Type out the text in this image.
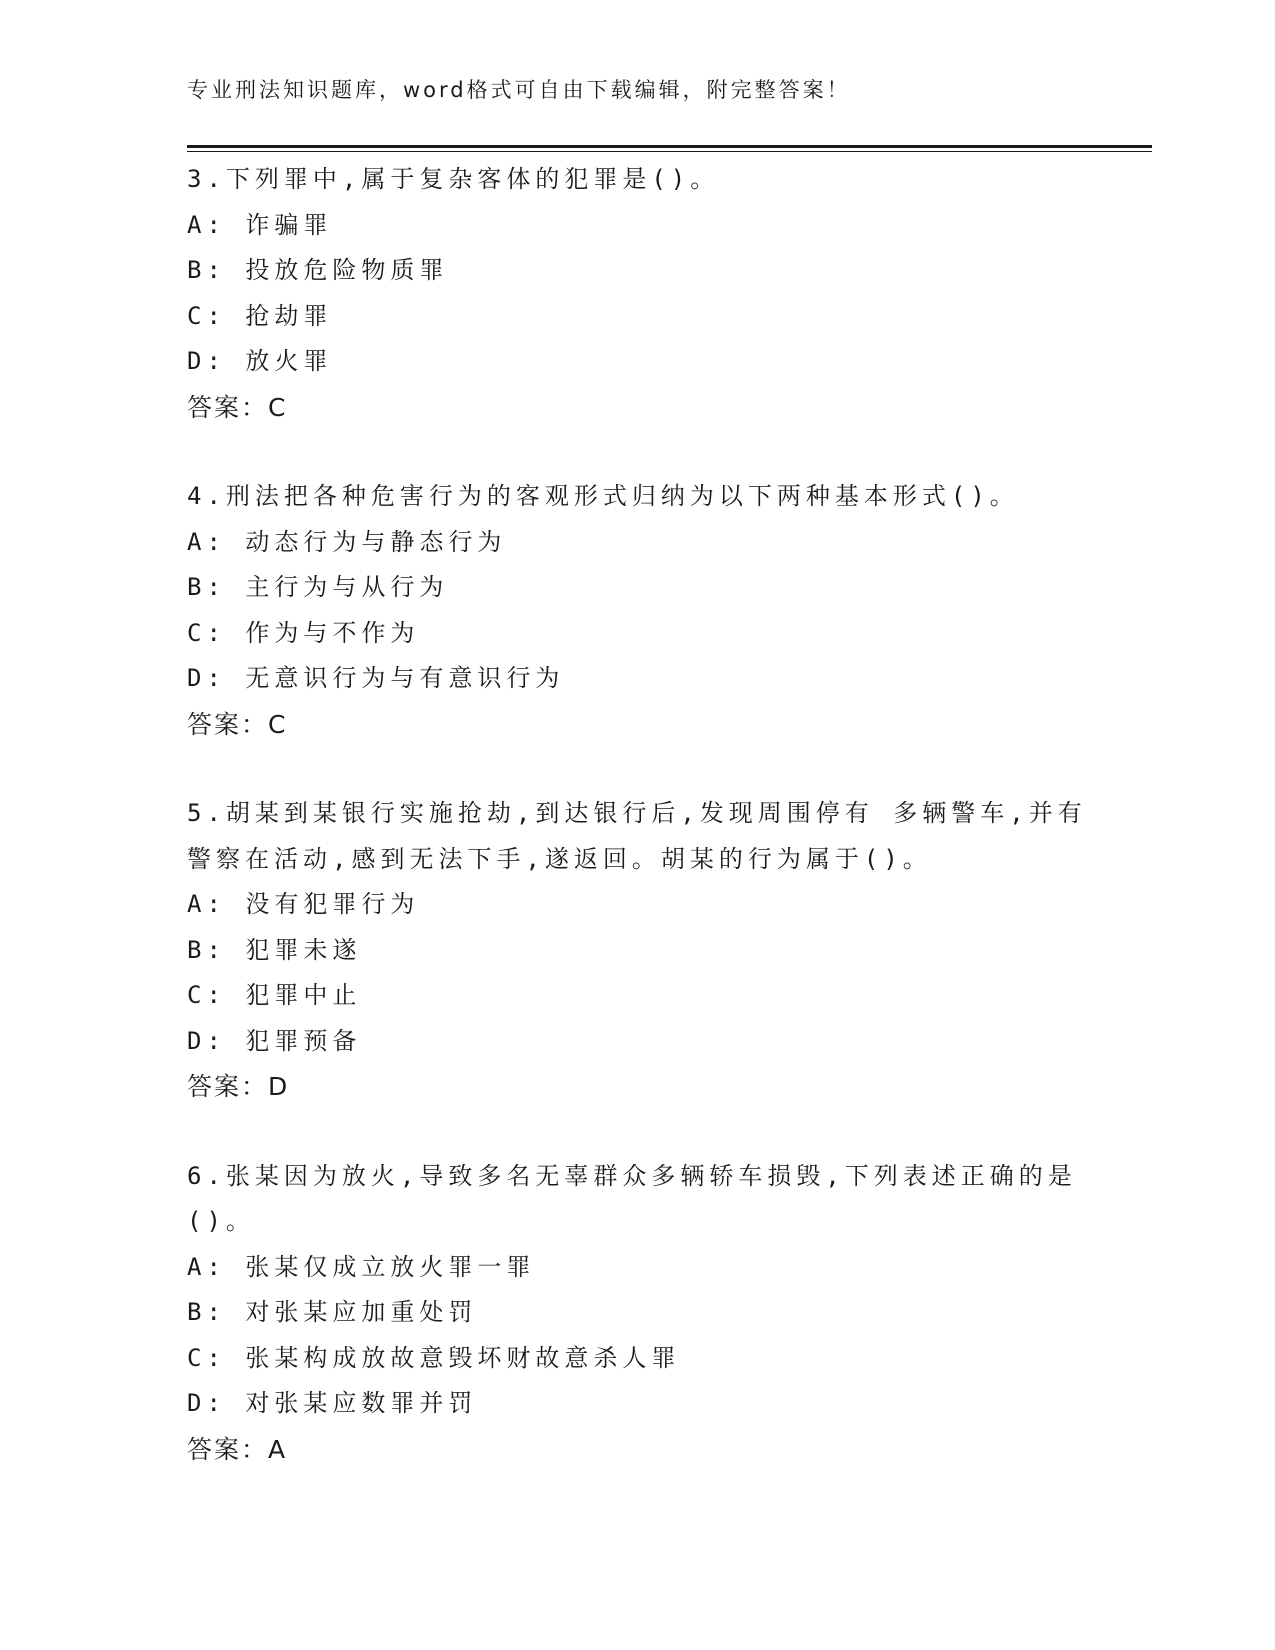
专业刑法知识题库，word格式可自由下载编辑，附完整答案！

3.下列罪中,属于复杂客体的犯罪是()。

A: 诈骗罪

B: 投放危险物质罪

C: 抢劫罪

D: 放火罪

答案：C

4.刑法把各种危害行为的客观形式归纳为以下两种基本形式()。

A: 动态行为与静态行为

B: 主行为与从行为

C: 作为与不作为

D: 无意识行为与有意识行为

答案：C

5.胡某到某银行实施抢劫,到达银行后,发现周围停有 多辆警车,并有警察在活动,感到无法下手,遂返回。胡某的行为属于()。

A: 没有犯罪行为

B: 犯罪未遂

C: 犯罪中止

D: 犯罪预备

答案：D

6.张某因为放火,导致多名无辜群众多辆轿车损毁,下列表述正确的是()。

A: 张某仅成立放火罪一罪

B: 对张某应加重处罚

C: 张某构成放故意毁坏财故意杀人罪

D: 对张某应数罪并罚

答案：A
